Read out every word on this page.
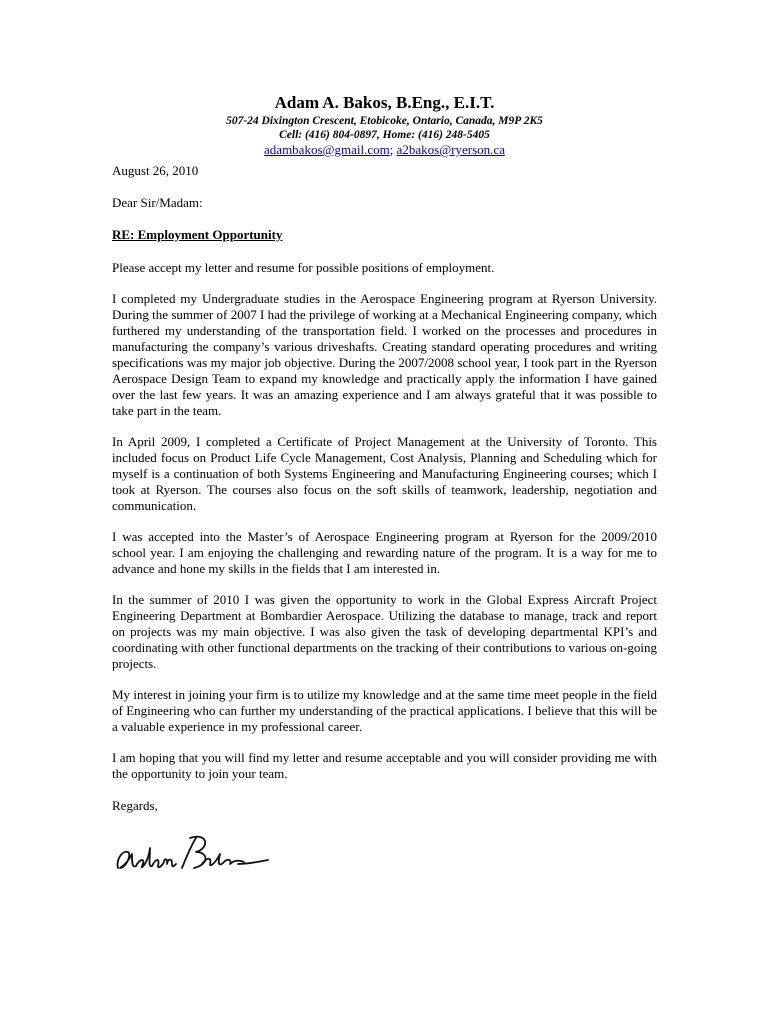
Adam A. Bakos, B.Eng., E.I.T.

507-24 Dixington Crescent, Etobicoke, Ontario, Canada, M9P 2K5

Cell: (416) 804-0897, Home: (416) 248-5405

adambakos@gmail.com; a2bakos@ryerson.ca

August 26, 2010

Dear Sir/Madam:

RE: Employment Opportunity

Please accept my letter and resume for possible positions of employment.

I completed my Undergraduate studies in the Aerospace Engineering program at Ryerson University. During the summer of 2007 I had the privilege of working at a Mechanical Engineering company, which furthered my understanding of the transportation field. I worked on the processes and procedures in manufacturing the company’s various driveshafts. Creating standard operating procedures and writing specifications was my major job objective. During the 2007/2008 school year, I took part in the Ryerson Aerospace Design Team to expand my knowledge and practically apply the information I have gained over the last few years. It was an amazing experience and I am always grateful that it was possible to take part in the team.

In April 2009, I completed a Certificate of Project Management at the University of Toronto. This included focus on Product Life Cycle Management, Cost Analysis, Planning and Scheduling which for myself is a continuation of both Systems Engineering and Manufacturing Engineering courses; which I took at Ryerson. The courses also focus on the soft skills of teamwork, leadership, negotiation and communication.

I was accepted into the Master’s of Aerospace Engineering program at Ryerson for the 2009/2010 school year. I am enjoying the challenging and rewarding nature of the program. It is a way for me to advance and hone my skills in the fields that I am interested in.

In the summer of 2010 I was given the opportunity to work in the Global Express Aircraft Project Engineering Department at Bombardier Aerospace. Utilizing the database to manage, track and report on projects was my main objective. I was also given the task of developing departmental KPI’s and coordinating with other functional departments on the tracking of their contributions to various on-going projects.

My interest in joining your firm is to utilize my knowledge and at the same time meet people in the field of Engineering who can further my understanding of the practical applications. I believe that this will be a valuable experience in my professional career.

I am hoping that you will find my letter and resume acceptable and you will consider providing me with the opportunity to join your team.

Regards,
